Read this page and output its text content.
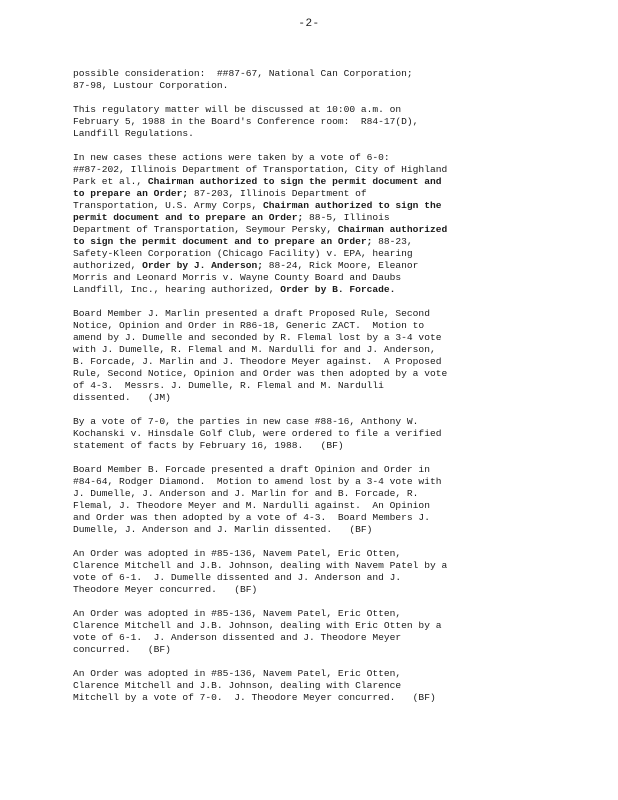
-2-
possible consideration:  ##87-67, National Can Corporation;
87-98, Lustour Corporation.
This regulatory matter will be discussed at 10:00 a.m. on
February 5, 1988 in the Board's Conference room:  R84-17(D),
Landfill Regulations.
In new cases these actions were taken by a vote of 6-0:
##87-202, Illinois Department of Transportation, City of Highland
Park et al., Chairman authorized to sign the permit document and
to prepare an Order; 87-203, Illinois Department of
Transportation, U.S. Army Corps, Chairman authorized to sign the
permit document and to prepare an Order; 88-5, Illinois
Department of Transportation, Seymour Persky, Chairman authorized
to sign the permit document and to prepare an Order; 88-23,
Safety-Kleen Corporation (Chicago Facility) v. EPA, hearing
authorized, Order by J. Anderson; 88-24, Rick Moore, Eleanor
Morris and Leonard Morris v. Wayne County Board and Daubs
Landfill, Inc., hearing authorized, Order by B. Forcade.
Board Member J. Marlin presented a draft Proposed Rule, Second
Notice, Opinion and Order in R86-18, Generic ZACT.  Motion to
amend by J. Dumelle and seconded by R. Flemal lost by a 3-4 vote
with J. Dumelle, R. Flemal and M. Nardulli for and J. Anderson,
B. Forcade, J. Marlin and J. Theodore Meyer against.  A Proposed
Rule, Second Notice, Opinion and Order was then adopted by a vote
of 4-3.  Messrs. J. Dumelle, R. Flemal and M. Nardulli
dissented.   (JM)
By a vote of 7-0, the parties in new case #88-16, Anthony W.
Kochanski v. Hinsdale Golf Club, were ordered to file a verified
statement of facts by February 16, 1988.   (BF)
Board Member B. Forcade presented a draft Opinion and Order in
#84-64, Rodger Diamond.  Motion to amend lost by a 3-4 vote with
J. Dumelle, J. Anderson and J. Marlin for and B. Forcade, R.
Flemal, J. Theodore Meyer and M. Nardulli against.  An Opinion
and Order was then adopted by a vote of 4-3.  Board Members J.
Dumelle, J. Anderson and J. Marlin dissented.   (BF)
An Order was adopted in #85-136, Navem Patel, Eric Otten,
Clarence Mitchell and J.B. Johnson, dealing with Navem Patel by a
vote of 6-1.  J. Dumelle dissented and J. Anderson and J.
Theodore Meyer concurred.   (BF)
An Order was adopted in #85-136, Navem Patel, Eric Otten,
Clarence Mitchell and J.B. Johnson, dealing with Eric Otten by a
vote of 6-1.  J. Anderson dissented and J. Theodore Meyer
concurred.   (BF)
An Order was adopted in #85-136, Navem Patel, Eric Otten,
Clarence Mitchell and J.B. Johnson, dealing with Clarence
Mitchell by a vote of 7-0.  J. Theodore Meyer concurred.   (BF)
